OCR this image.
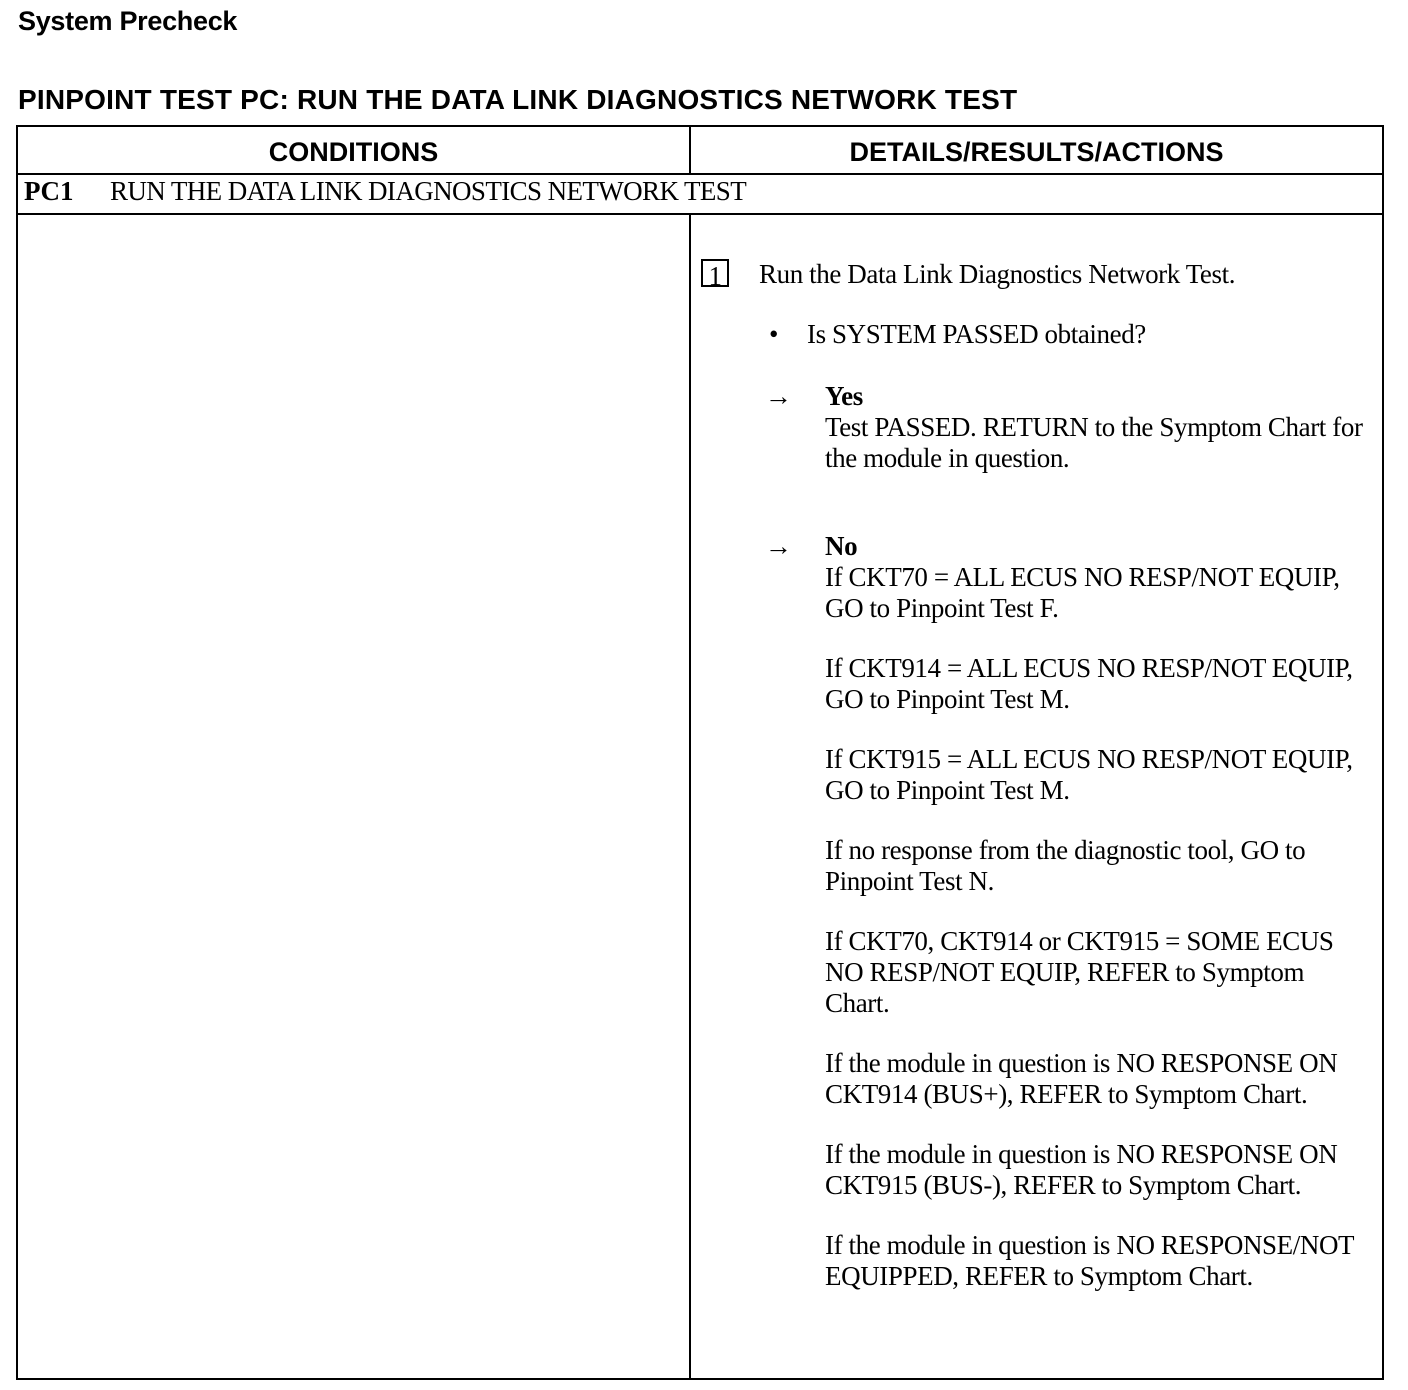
System Precheck
PINPOINT TEST PC: RUN THE DATA LINK DIAGNOSTICS NETWORK TEST
CONDITIONS	DETAILS/RESULTS/ACTIONS
PC1 RUN THE DATA LINK DIAGNOSTICS NETWORK TEST
1 Run the Data Link Diagnostics Network Test.
• Is SYSTEM PASSED obtained?
→ Yes

Test PASSED. RETURN to the Symptom Chart for the module in question.

→ No

If CKT70 = ALL ECUS NO RESP/NOT EQUIP, GO to Pinpoint Test F.

If CKT914 = ALL ECUS NO RESP/NOT EQUIP, GO to Pinpoint Test M.

If CKT915 = ALL ECUS NO RESP/NOT EQUIP, GO to Pinpoint Test M.

If no response from the diagnostic tool, GO to Pinpoint Test N.

If CKT70, CKT914 or CKT915 = SOME ECUS NO RESP/NOT EQUIP, REFER to Symptom Chart.

If the module in question is NO RESPONSE ON CKT914 (BUS+), REFER to Symptom Chart.

If the module in question is NO RESPONSE ON CKT915 (BUS-), REFER to Symptom Chart.

If the module in question is NO RESPONSE/NOT EQUIPPED, REFER to Symptom Chart.
